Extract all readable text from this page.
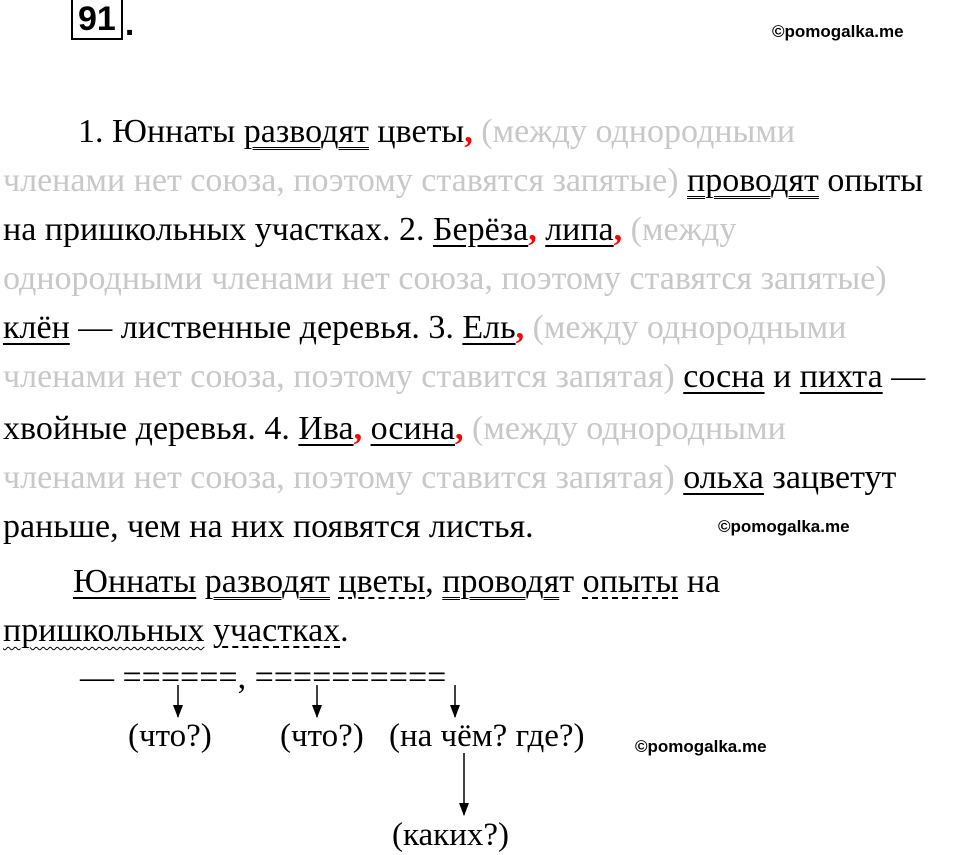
91 .	©pomogalka.me
©pomogalka.me
©pomogalka.me
1. Юннаты разводят цветы, (между однородными
членами нет союза, поэтому ставятся запятые) проводят опыты
на пришкольных участках. 2. Берёза, липа, (между
однородными членами нет союза, поэтому ставятся запятые)
клён — лиственные деревья. 3. Ель, (между однородными
членами нет союза, поэтому ставится запятая) сосна и пихта —
хвойные деревья. 4. Ива, осина, (между однородными
членами нет союза, поэтому ставится запятая) ольха зацветут
раньше, чем на них появятся листья.
Юннаты разводят цветы, проводят опыты на
пришкольных участках.
— ======, ==========
(что?) (что?) (на чём? где?)
(каких?)
